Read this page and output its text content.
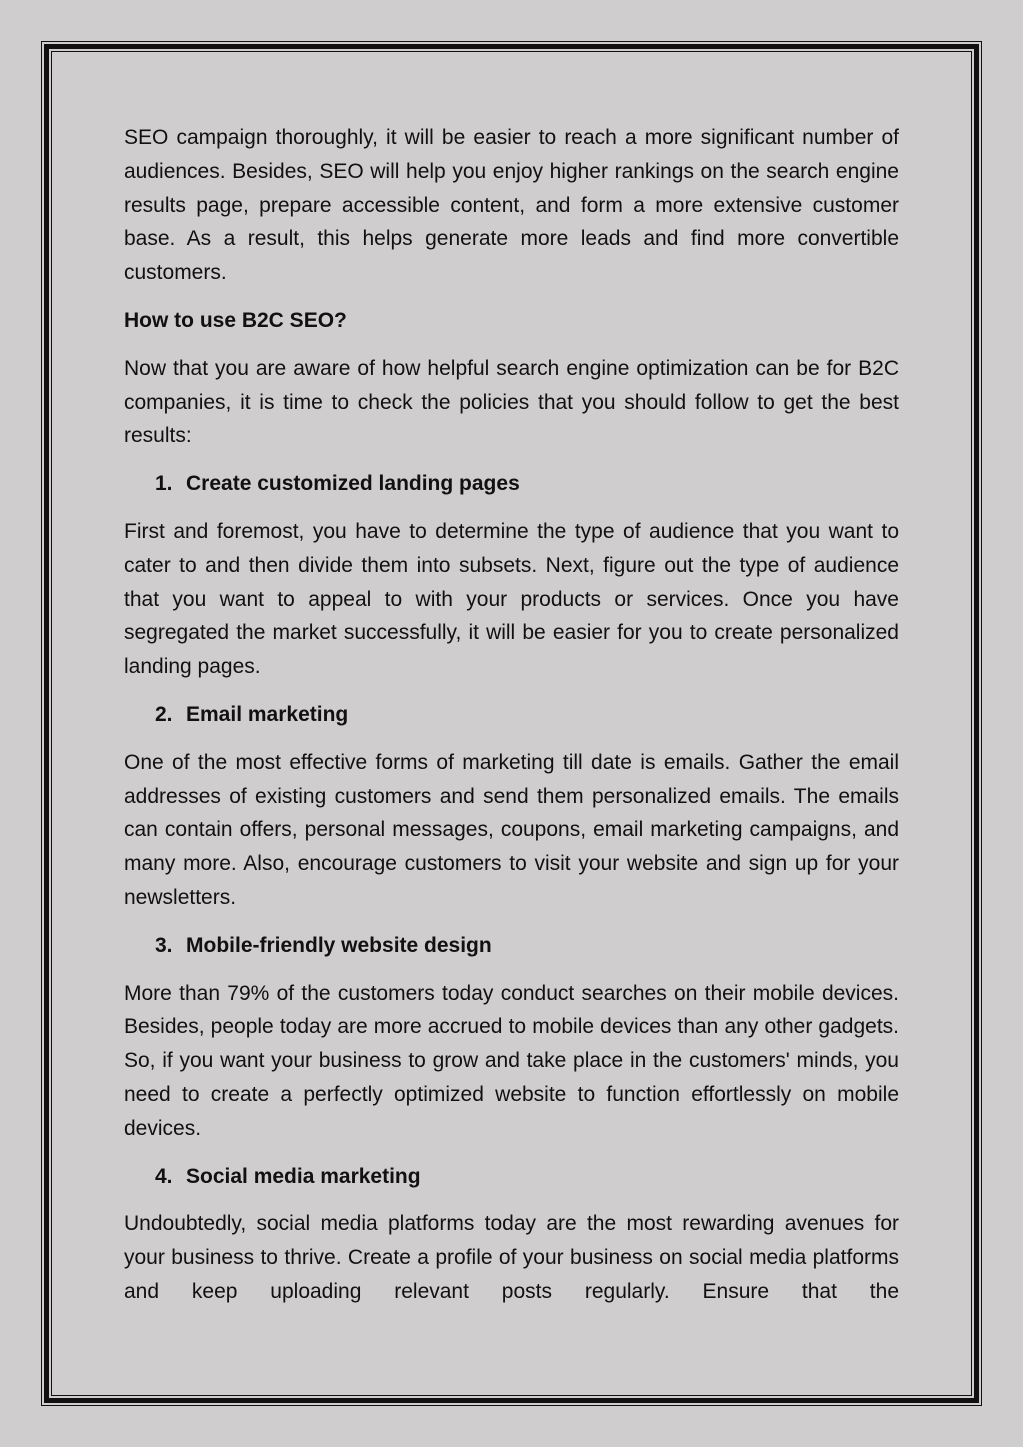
SEO campaign thoroughly, it will be easier to reach a more significant number of audiences. Besides, SEO will help you enjoy higher rankings on the search engine results page, prepare accessible content, and form a more extensive customer base. As a result, this helps generate more leads and find more convertible customers.

How to use B2C SEO?

Now that you are aware of how helpful search engine optimization can be for B2C companies, it is time to check the policies that you should follow to get the best results:

1. Create customized landing pages

First and foremost, you have to determine the type of audience that you want to cater to and then divide them into subsets. Next, figure out the type of audience that you want to appeal to with your products or services. Once you have segregated the market successfully, it will be easier for you to create personalized landing pages.

2. Email marketing

One of the most effective forms of marketing till date is emails. Gather the email addresses of existing customers and send them personalized emails. The emails can contain offers, personal messages, coupons, email marketing campaigns, and many more. Also, encourage customers to visit your website and sign up for your newsletters.

3. Mobile-friendly website design

More than 79% of the customers today conduct searches on their mobile devices. Besides, people today are more accrued to mobile devices than any other gadgets. So, if you want your business to grow and take place in the customers' minds, you need to create a perfectly optimized website to function effortlessly on mobile devices.

4. Social media marketing

Undoubtedly, social media platforms today are the most rewarding avenues for your business to thrive. Create a profile of your business on social media platforms and keep uploading relevant posts regularly. Ensure that the
